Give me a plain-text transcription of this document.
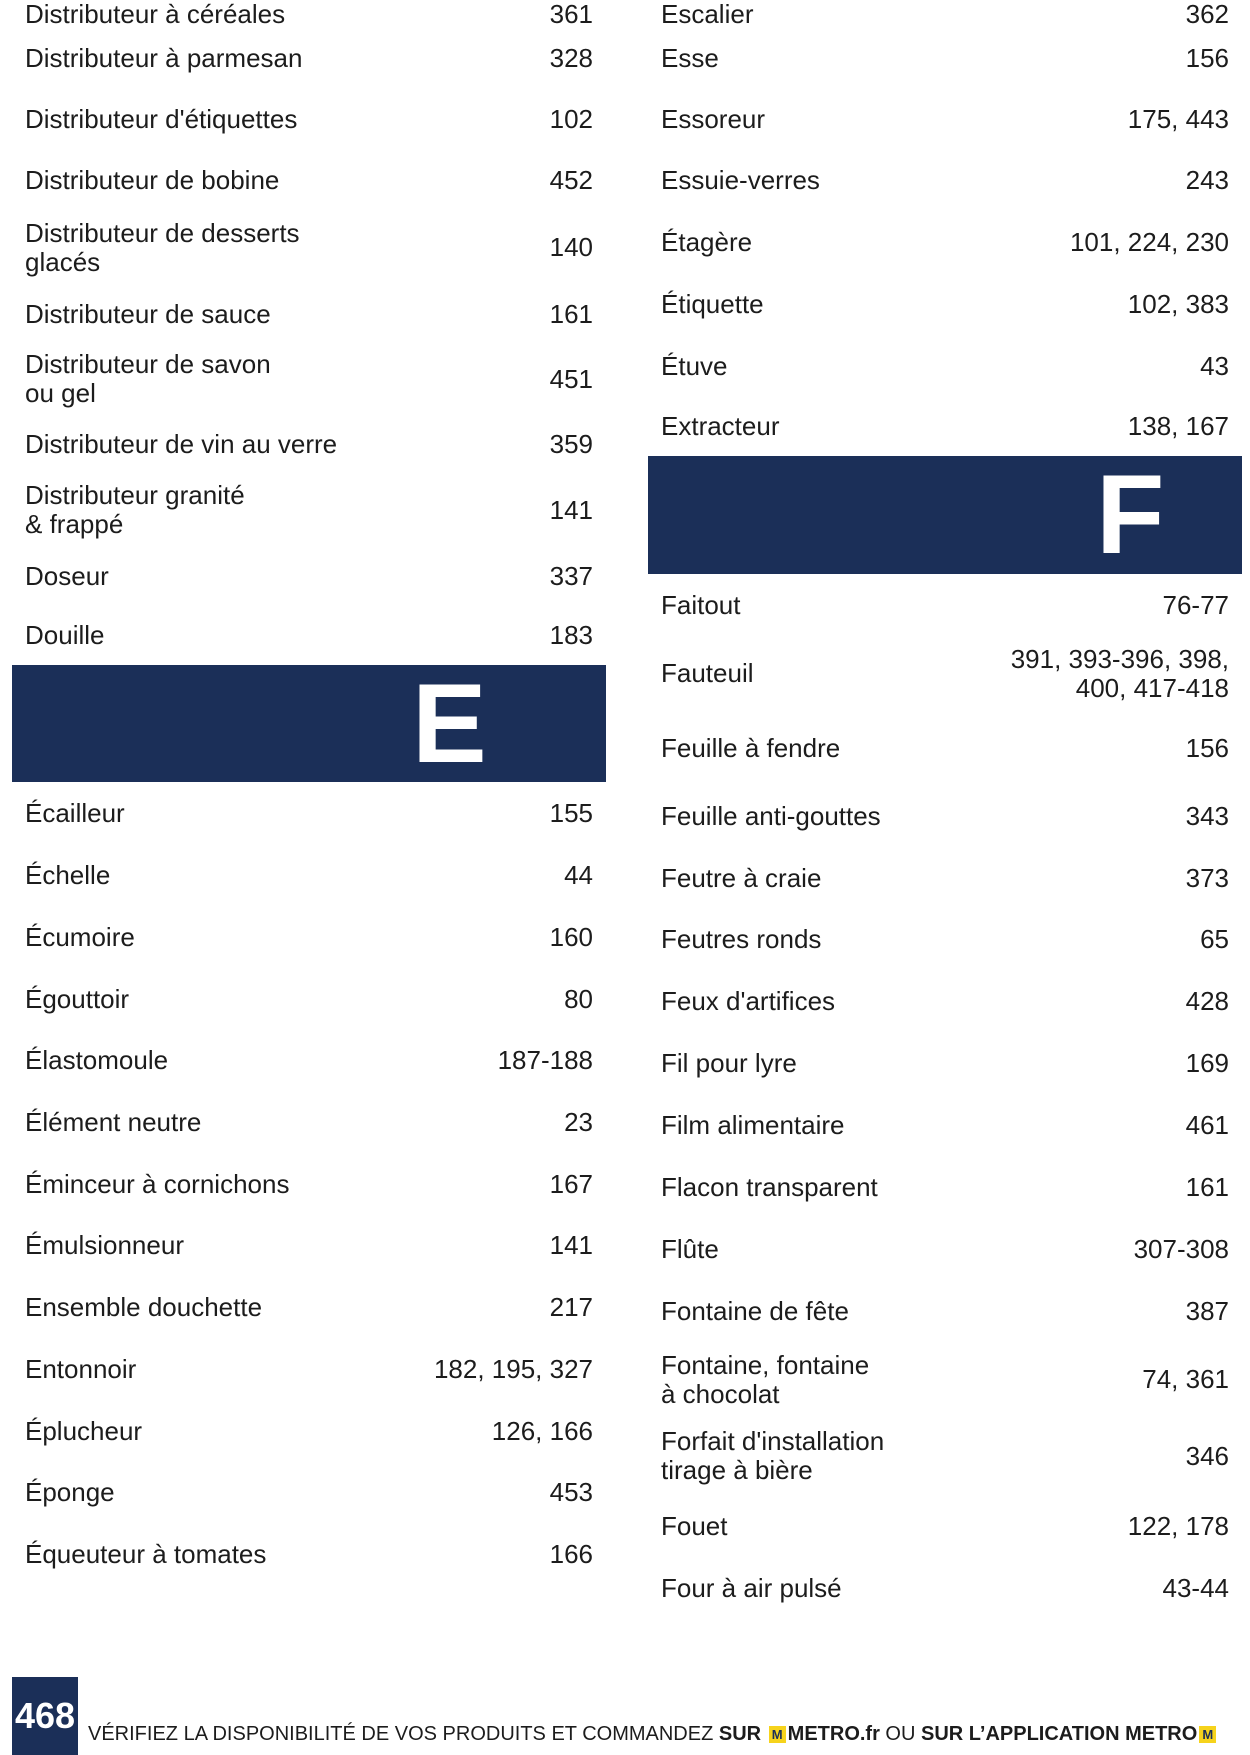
Distributeur à céréales	361
Distributeur à parmesan	328
Distributeur d'étiquettes	102
Distributeur de bobine	452
Distributeur de desserts
glacés	140
Distributeur de sauce	161
Distributeur de savon
ou gel	451
Distributeur de vin au verre	359
Distributeur granité
& frappé	141
Doseur	337
Douille	183
E
Écailleur	155
Échelle	44
Écumoire	160
Égouttoir	80
Élastomoule	187-188
Élément neutre	23
Éminceur à cornichons	167
Émulsionneur	141
Ensemble douchette	217
Entonnoir	182, 195, 327
Éplucheur	126, 166
Éponge	453
Équeuteur à tomates	166
Escalier	362
Esse	156
Essoreur	175, 443
Essuie-verres	243
Étagère	101, 224, 230
Étiquette	102, 383
Étuve	43
Extracteur	138, 167
F
Faitout	76-77
Fauteuil	391, 393-396, 398,
400, 417-418
Feuille à fendre	156
Feuille anti-gouttes	343
Feutre à craie	373
Feutres ronds	65
Feux d'artifices	428
Fil pour lyre	169
Film alimentaire	461
Flacon transparent	161
Flûte	307-308
Fontaine de fête	387
Fontaine, fontaine
à chocolat	74, 361
Forfait d'installation
tirage à bière	346
Fouet	122, 178
Four à air pulsé	43-44
468 VÉRIFIEZ LA DISPONIBILITÉ DE VOS PRODUITS ET COMMANDEZ SUR M METRO.fr OU SUR L’APPLICATION METRO M
